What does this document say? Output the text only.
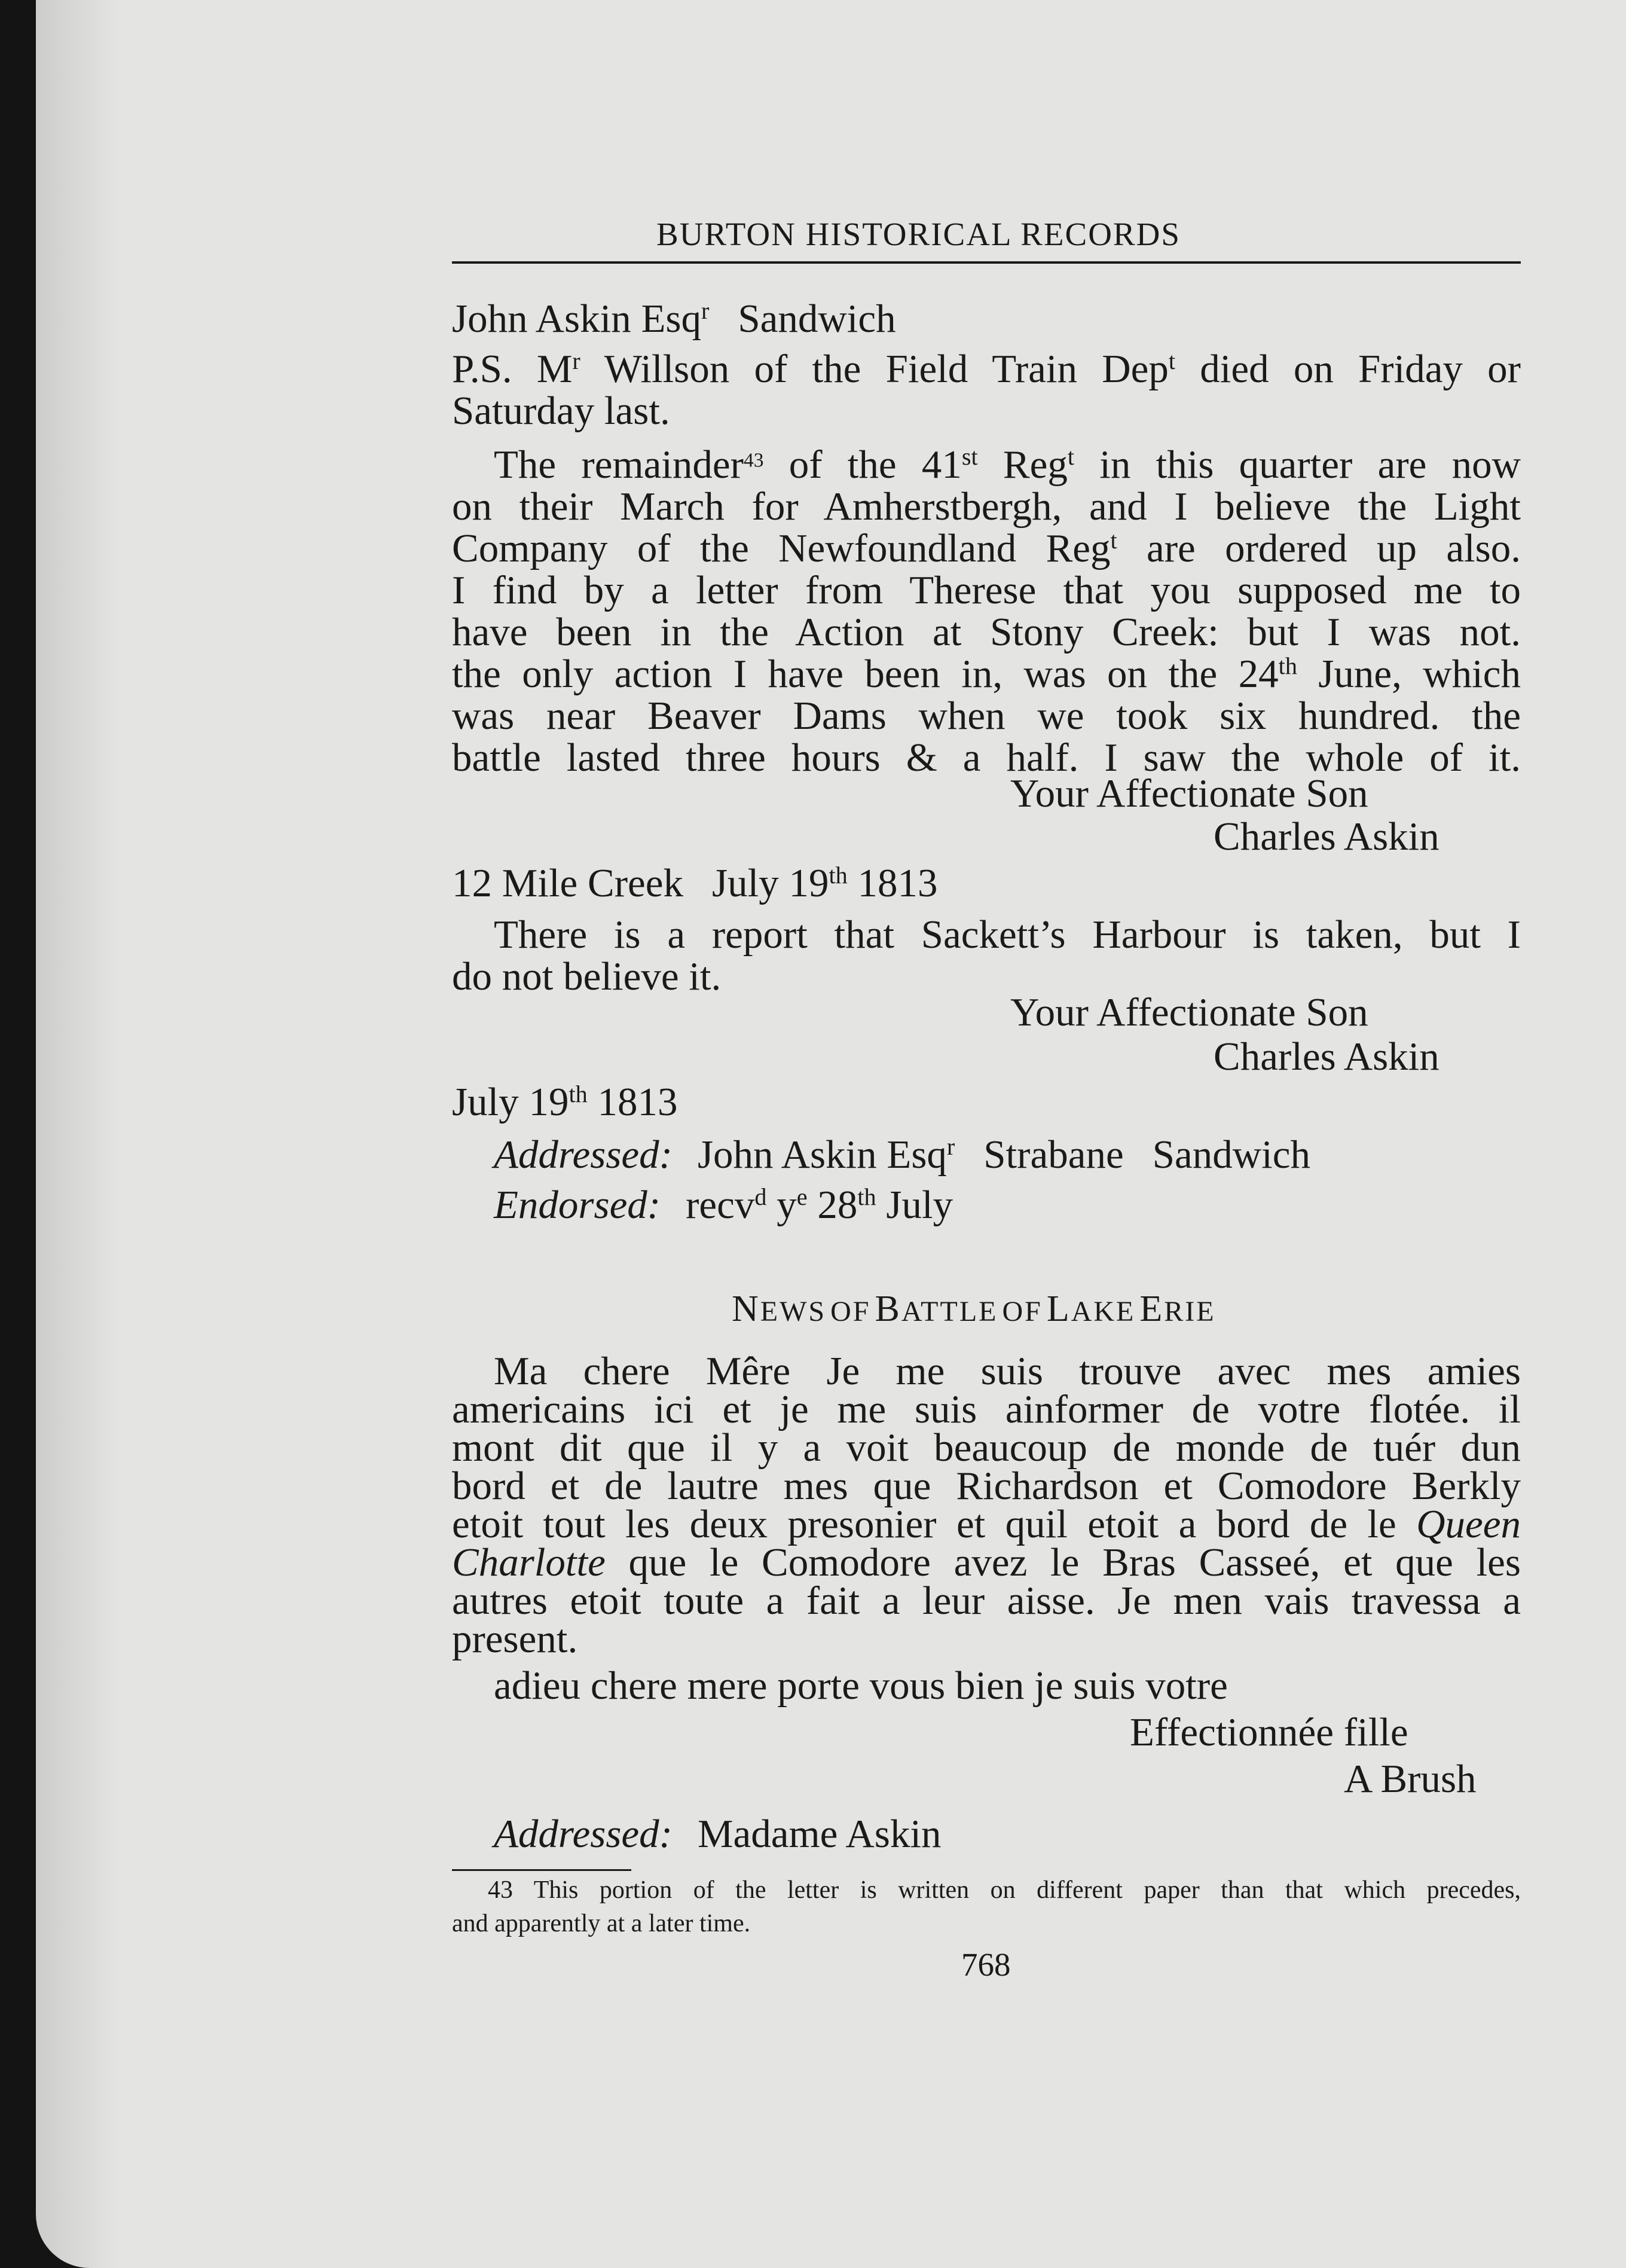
BURTON HISTORICAL RECORDS
John Askin Esq$^r$ Sandwich
P.S. $M^r$ Willson of the Field Train Dep$^t$ died on Friday or
Saturday last.
The remainder$^{43}$ of the 41st Reg$^t$ in this quarter are now
on their March for Amherstbergh, and I believe the Light
Company of the Newfoundland Reg$^t$ are ordered up also.
I find by a letter from Therese that you supposed me to
have been in the Action at Stony Creek: but I was not.
the only action I have been in, was on the 24th June, which
was near Beaver Dams when we took six hundred. the
battle lasted three hours & a half. I saw the whole of it.
Your Affectionate Son
Charles Askin
12 Mile Creek July 19th 1813
There is a report that Sackett’s Harbour is taken, but I
do not believe it.
Your Affectionate Son
Charles Askin
July 19th 1813
Addressed: John Askin Esq$^r$ Strabane Sandwich
Endorsed: recv$^d$ $y^e$ 28th July
NEWS OF BATTLE OF LAKE ERIE
Ma chere Mêre Je me suis trouve avec mes amies
americains ici et je me suis ainformer de votre flotée. il
mont dit que il y a voit beaucoup de monde de tuér dun
bord et de lautre mes que Richardson et Comodore Berkly
etoit tout les deux presonier et quil etoit a bord de le Queen
Charlotte que le Comodore avez le Bras Casseé, et que les
autres etoit toute a fait a leur aisse. Je men vais travessa a
present.
adieu chere mere porte vous bien je suis votre
Effectionnée fille
A Brush
Addressed: Madame Askin
43 This portion of the letter is written on different paper than that which precedes,
and apparently at a later time.
768
